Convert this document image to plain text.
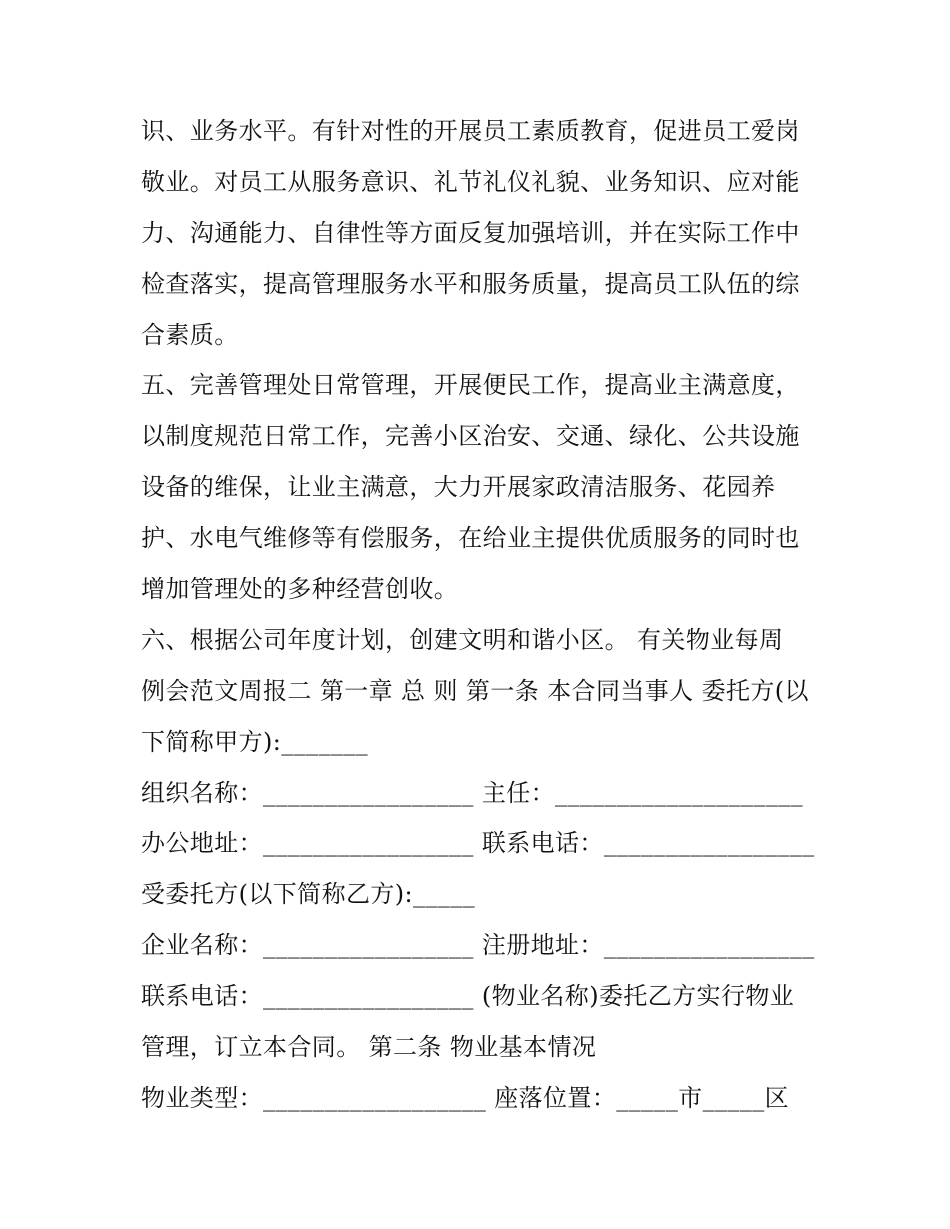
识、业务水平。有针对性的开展员工素质教育，促进员工爱岗
敬业。对员工从服务意识、礼节礼仪礼貌、业务知识、应对能
力、沟通能力、自律性等方面反复加强培训，并在实际工作中
检查落实，提高管理服务水平和服务质量，提高员工队伍的综
合素质。
五、完善管理处日常管理，开展便民工作，提高业主满意度，
以制度规范日常工作，完善小区治安、交通、绿化、公共设施
设备的维保，让业主满意，大力开展家政清洁服务、花园养
护、水电气维修等有偿服务，在给业主提供优质服务的同时也
增加管理处的多种经营创收。
六、根据公司年度计划，创建文明和谐小区。 有关物业每周
例会范文周报二 第一章 总 则 第一条 本合同当事人 委托方(以
下简称甲方):_______
组织名称：_________________ 主任：____________________
办公地址：_________________ 联系电话：_________________
受委托方(以下简称乙方):_____
企业名称：_________________ 注册地址：_________________
联系电话：_________________ (物业名称)委托乙方实行物业
管理，订立本合同。 第二条 物业基本情况
物业类型：__________________ 座落位置：_____市_____区
